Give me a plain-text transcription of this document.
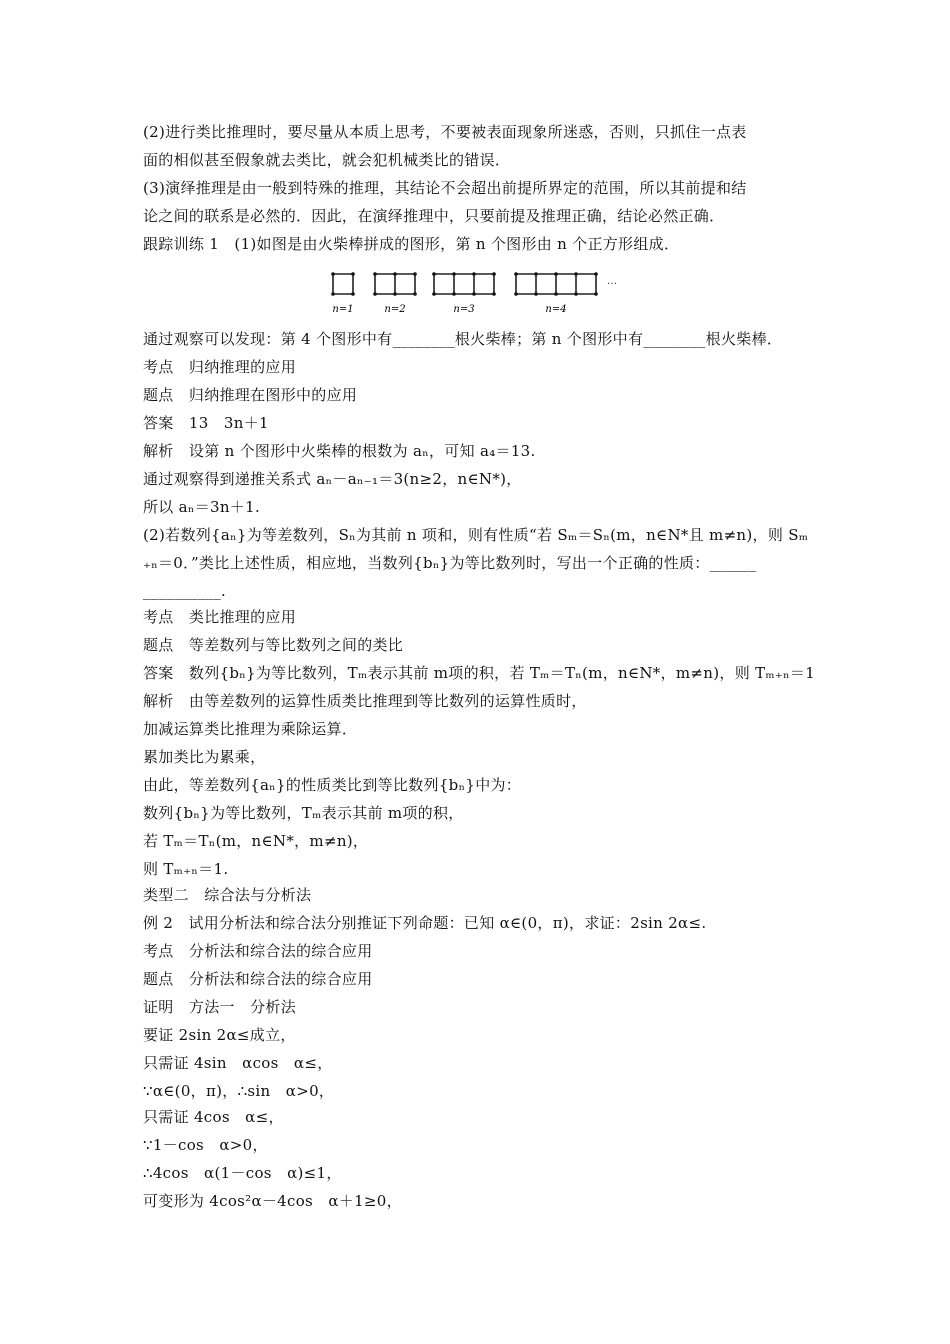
(2)进行类比推理时，要尽量从本质上思考，不要被表面现象所迷惑，否则，只抓住一点表
面的相似甚至假象就去类比，就会犯机械类比的错误．
(3)演绎推理是由一般到特殊的推理，其结论不会超出前提所界定的范围，所以其前提和结
论之间的联系是必然的．因此，在演绎推理中，只要前提及推理正确，结论必然正确．
跟踪训练 1　(1)如图是由火柴棒拼成的图形，第 n 个图形由 n 个正方形组成．
n=1	n=2	n=3	n=4
…
通过观察可以发现：第 4 个图形中有________根火柴棒；第 n 个图形中有________根火柴棒．
考点　归纳推理的应用
题点　归纳推理在图形中的应用
答案　13　3n＋1
解析　设第 n 个图形中火柴棒的根数为 aₙ，可知 a₄＝13.
通过观察得到递推关系式 aₙ－aₙ₋₁＝3(n≥2，n∈N*)，
所以 aₙ＝3n＋1.
(2)若数列{aₙ}为等差数列，Sₙ为其前 n 项和，则有性质“若 Sₘ＝Sₙ(m，n∈N*且 m≠n)，则 Sₘ
₊ₙ＝0．”类比上述性质，相应地，当数列{bₙ}为等比数列时，写出一个正确的性质：______
__________.
考点　类比推理的应用
题点　等差数列与等比数列之间的类比
答案　数列{bₙ}为等比数列，Tₘ表示其前 m项的积，若 Tₘ＝Tₙ(m，n∈N*，m≠n)，则 Tₘ₊ₙ＝1
解析　由等差数列的运算性质类比推理到等比数列的运算性质时，
加减运算类比推理为乘除运算．
累加类比为累乘，
由此，等差数列{aₙ}的性质类比到等比数列{bₙ}中为：
数列{bₙ}为等比数列，Tₘ表示其前 m项的积，
若 Tₘ＝Tₙ(m，n∈N*，m≠n)，
则 Tₘ₊ₙ＝1.
类型二　综合法与分析法
例 2　试用分析法和综合法分别推证下列命题：已知 α∈(0，π)，求证：2sin 2α≤.
考点　分析法和综合法的综合应用
题点　分析法和综合法的综合应用
证明　方法一　分析法
要证 2sin 2α≤成立，
只需证 4sin　αcos　α≤，
∵α∈(0，π)，∴sin　α>0，
只需证 4cos　α≤，
∵1－cos　α>0，
∴4cos　α(1－cos　α)≤1，
可变形为 4cos²α－4cos　α＋1≥0，
